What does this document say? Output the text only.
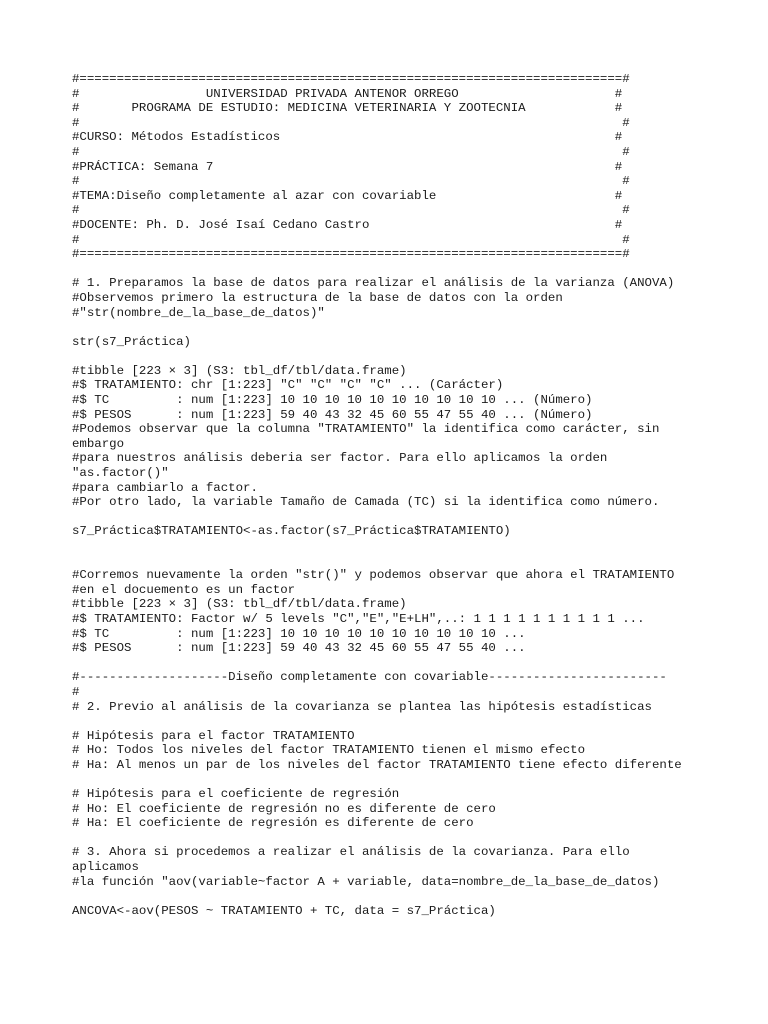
#=========================================================================#
#                 UNIVERSIDAD PRIVADA ANTENOR ORREGO                     #
#       PROGRAMA DE ESTUDIO: MEDICINA VETERINARIA Y ZOOTECNIA            #
#                                                                         #
#CURSO: Métodos Estadísticos                                             #
#                                                                         #
#PRÁCTICA: Semana 7                                                      #
#                                                                         #
#TEMA:Diseño completamente al azar con covariable                        #
#                                                                         #
#DOCENTE: Ph. D. José Isaí Cedano Castro                                 #
#                                                                         #
#=========================================================================#
# 1. Preparamos la base de datos para realizar el análisis de la varianza (ANOVA)
#Observemos primero la estructura de la base de datos con la orden
#"str(nombre_de_la_base_de_datos)"
str(s7_Práctica)
#tibble [223 × 3] (S3: tbl_df/tbl/data.frame)
#$ TRATAMIENTO: chr [1:223] "C" "C" "C" "C" ... (Carácter)
#$ TC         : num [1:223] 10 10 10 10 10 10 10 10 10 10 ... (Número)
#$ PESOS      : num [1:223] 59 40 43 32 45 60 55 47 55 40 ... (Número)
#Podemos observar que la columna "TRATAMIENTO" la identifica como carácter, sin
embargo
#para nuestros análisis deberia ser factor. Para ello aplicamos la orden
"as.factor()"
#para cambiarlo a factor.
#Por otro lado, la variable Tamaño de Camada (TC) si la identifica como número.
s7_Práctica$TRATAMIENTO<-as.factor(s7_Práctica$TRATAMIENTO)
#Corremos nuevamente la orden "str()" y podemos observar que ahora el TRATAMIENTO
#en el docuemento es un factor
#tibble [223 × 3] (S3: tbl_df/tbl/data.frame)
#$ TRATAMIENTO: Factor w/ 5 levels "C","E","E+LH",..: 1 1 1 1 1 1 1 1 1 1 ...
#$ TC         : num [1:223] 10 10 10 10 10 10 10 10 10 10 ...
#$ PESOS      : num [1:223] 59 40 43 32 45 60 55 47 55 40 ...
#--------------------Diseño completamente con covariable------------------------
#
# 2. Previo al análisis de la covarianza se plantea las hipótesis estadísticas
# Hipótesis para el factor TRATAMIENTO
# Ho: Todos los niveles del factor TRATAMIENTO tienen el mismo efecto
# Ha: Al menos un par de los niveles del factor TRATAMIENTO tiene efecto diferente
# Hipótesis para el coeficiente de regresión
# Ho: El coeficiente de regresión no es diferente de cero
# Ha: El coeficiente de regresión es diferente de cero
# 3. Ahora si procedemos a realizar el análisis de la covarianza. Para ello
aplicamos
#la función "aov(variable~factor A + variable, data=nombre_de_la_base_de_datos)
ANCOVA<-aov(PESOS ~ TRATAMIENTO + TC, data = s7_Práctica)
